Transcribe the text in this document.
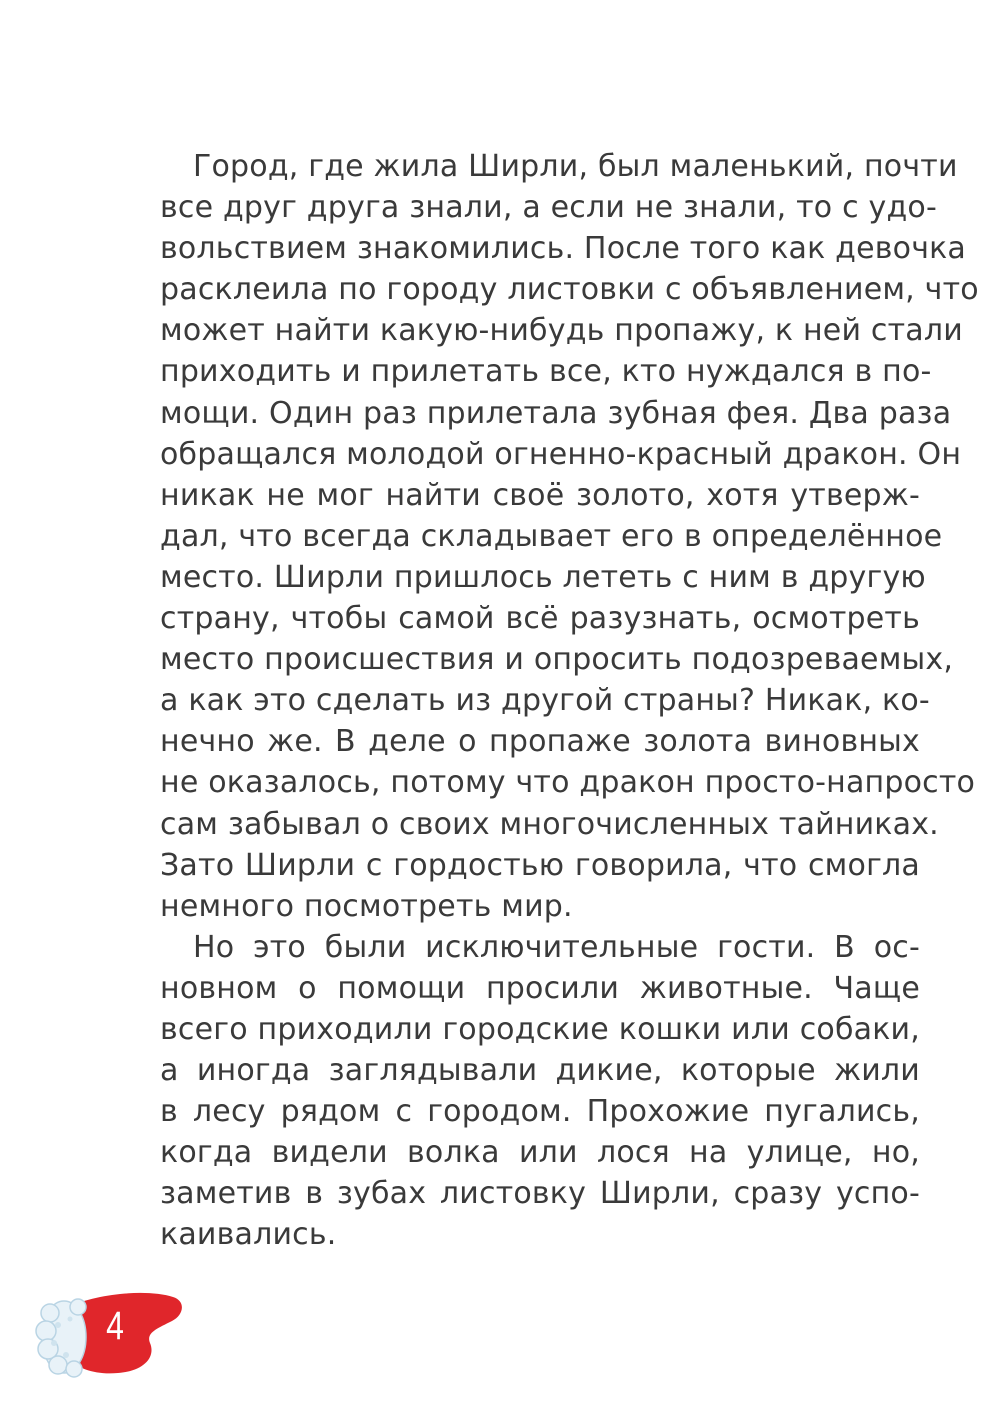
Город, где жила Ширли, был маленький, почти
все друг друга знали, а если не знали, то с удо-
вольствием знакомились. После того как девочка
расклеила по городу листовки с объявлением, что
может найти какую-нибудь пропажу, к ней стали
приходить и прилетать все, кто нуждался в по-
мощи. Один раз прилетала зубная фея. Два раза
обращался молодой огненно-красный дракон. Он
никак не мог найти своё золото, хотя утверж-
дал, что всегда складывает его в определённое
место. Ширли пришлось лететь с ним в другую
страну, чтобы самой всё разузнать, осмотреть
место происшествия и опросить подозреваемых,
а как это сделать из другой страны? Никак, ко-
нечно же. В деле о пропаже золота виновных
не оказалось, потому что дракон просто-напросто
сам забывал о своих многочисленных тайниках.
Зато Ширли с гордостью говорила, что смогла
немного посмотреть мир.
Но это были исключительные гости. В ос-
новном о помощи просили животные. Чаще
всего приходили городские кошки или собаки,
а иногда заглядывали дикие, которые жили
в лесу рядом с городом. Прохожие пугались,
когда видели волка или лося на улице, но,
заметив в зубах листовку Ширли, сразу успо-
каивались.
4
